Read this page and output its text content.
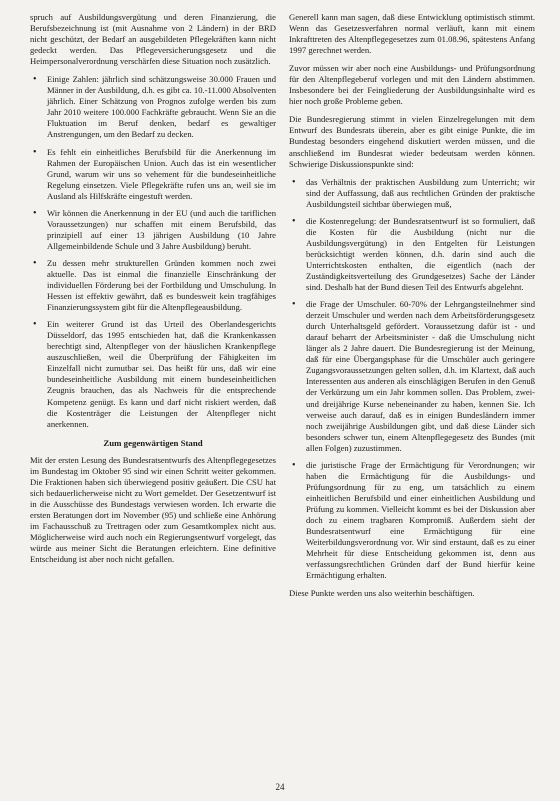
spruch auf Ausbildungsvergütung und deren Finanzierung, die Berufsbezeichnung ist (mit Ausnahme von 2 Ländern) in der BRD nicht geschützt, der Bedarf an ausgebildeten Pflegekräften kann nicht gedeckt werden. Das Pflegeversicherungsgesetz und die Heimpersonalverordnung verschärfen diese Situation noch zusätzlich.

• Einige Zahlen: jährlich sind schätzungsweise 30.000 Frauen und Männer in der Ausbildung, d.h. es gibt ca. 10.-11.000 Absolventen jährlich. Einer Schätzung von Prognos zufolge werden bis zum Jahr 2010 weitere 100.000 Fachkräfte gebraucht. Wenn Sie an die Fluktuation im Beruf denken, bedarf es gewaltiger Anstrengungen, um den Bedarf zu decken.
• Es fehlt ein einheitliches Berufsbild für die Anerkennung im Rahmen der Europäischen Union. Auch das ist ein wesentlicher Grund, warum wir uns so vehement für die bundeseinheitliche Regelung einsetzen. Viele Pflegekräfte rufen uns an, weil sie im Ausland als Hilfskräfte eingestuft werden.
• Wir können die Anerkennung in der EU (und auch die tariflichen Voraussetzungen) nur schaffen mit einem Berufsbild, das prinzipiell auf einer 13 jährigen Ausbildung (10 Jahre Allgemeinbildende Schule und 3 Jahre Ausbildung) beruht.
• Zu dessen mehr strukturellen Gründen kommen noch zwei aktuelle. Das ist einmal die finanzielle Einschränkung der individuellen Förderung bei der Fortbildung und Umschulung. In Hessen ist effektiv gewährt, daß es bundesweit kein tragfähiges Finanzierungssystem gibt für die Altenpflegeausbildung.
• Ein weiterer Grund ist das Urteil des Oberlandesgerichts Düsseldorf, das 1995 entschieden hat, daß die Krankenkassen berechtigt sind, Altenpfleger von der häuslichen Krankenpflege auszuschließen, weil die Überprüfung der Fähigkeiten im Einzelfall nicht zumutbar sei. Das heißt für uns, daß wir eine bundeseinheitliche Ausbildung mit einem bundeseinheitlichen Zeugnis brauchen, das als Nachweis für die entsprechende Kompetenz genügt. Es kann und darf nicht riskiert werden, daß die Kostenträger die Leistungen der Altenpfleger nicht anerkennen.
Zum gegenwärtigen Stand

Mit der ersten Lesung des Bundesratsentwurfs des Altenpflegegesetzes im Bundestag im Oktober 95 sind wir einen Schritt weiter gekommen. Die Fraktionen haben sich überwiegend positiv geäußert. Die CSU hat sich bedauerlicherweise nicht zu Wort gemeldet. Der Gesetzentwurf ist in die Ausschüsse des Bundestags verwiesen worden. Ich erwarte die ersten Beratungen dort im November (95) und schließe eine Anhörung im Fachausschuß zu Trettragen oder zum Gesamtkomplex nicht aus. Möglicherweise wird auch noch ein Regierungsentwurf vorgelegt, das würde aus meiner Sicht die Beratungen erleichtern. Eine definitive Entscheidung ist aber noch nicht gefallen.

Generell kann man sagen, daß diese Entwicklung optimistisch stimmt. Wenn das Gesetzesverfahren normal verläuft, kann mit einem Inkrafttreten des Altenpflegegesetzes zum 01.08.96, spätestens Anfang 1997 gerechnet werden.

Zuvor müssen wir aber noch eine Ausbildungs- und Prüfungsordnung für den Altenpflegeberuf vorlegen und mit den Ländern abstimmen. Insbesondere bei der Feingliederung der Ausbildungsinhalte wird es hier noch große Probleme geben.

Die Bundesregierung stimmt in vielen Einzelregelungen mit dem Entwurf des Bundesrats überein, aber es gibt einige Punkte, die im Bundestag besonders eingehend diskutiert werden müssen, und die anschließend im Bundesrat wieder bedeutsam werden können. Schwierige Diskussionspunkte sind:

• das Verhältnis der praktischen Ausbildung zum Unterricht; wir sind der Auffassung, daß aus rechtlichen Gründen der praktische Ausbildungsteil sichtbar überwiegen muß,
• die Kostenregelung: der Bundesratsentwurf ist so formuliert, daß die Kosten für die Ausbildung (nicht nur die Ausbildungsvergütung) in den Entgelten für Leistungen berücksichtigt werden können, d.h. darin sind auch die Unterrichtskosten enthalten, die eigentlich (nach der Zuständigkeitsverteilung des Grundgesetzes) Sache der Länder sind. Deshalb hat der Bund diesen Teil des Entwurfs abgelehnt.
• die Frage der Umschuler. 60-70% der Lehrgangsteilnehmer sind derzeit Umschuler und werden nach dem Arbeitsförderungsgesetz durch Unterhaltsgeld gefördert. Voraussetzung dafür ist - und darauf beharrt der Arbeitsminister - daß die Umschulung nicht länger als 2 Jahre dauert. Die Bundesregierung ist der Meinung, daß für eine Übergangsphase für die Umschüler auch geringere Zugangsvoraussetzungen gelten sollen, d.h. im Klartext, daß auch Interessenten aus anderen als einschlägigen Berufen in den Genuß der Verkürzung um ein Jahr kommen sollen. Das Problem, zwei- und dreijährige Kurse nebeneinander zu haben, kennen Sie. Ich verweise auch darauf, daß es in einigen Bundesländern immer noch zweijährige Ausbildungen gibt, und daß diese Länder sich besonders schwer tun, einem Altenpflegegesetz des Bundes (mit allen Folgen) zuzustimmen.
• die juristische Frage der Ermächtigung für Verordnungen; wir haben die Ermächtigung für die Ausbildungs- und Prüfungsordnung für zu eng, um tatsächlich zu einem einheitlichen Berufsbild und einer einheitlichen Ausbildung und Prüfung zu kommen. Vielleicht kommt es bei der Diskussion aber doch zu einem tragbaren Kompromiß. Außerdem sieht der Bundesratsentwurf eine Ermächtigung für eine Weiterbildungsverordnung vor. Wir sind erstaunt, daß es zu einer Mehrheit für diese Entscheidung gekommen ist, denn aus verfassungsrechtlichen Gründen darf der Bund hierfür keine Ermächtigung erhalten.

Diese Punkte werden uns also weiterhin beschäftigen.

24
